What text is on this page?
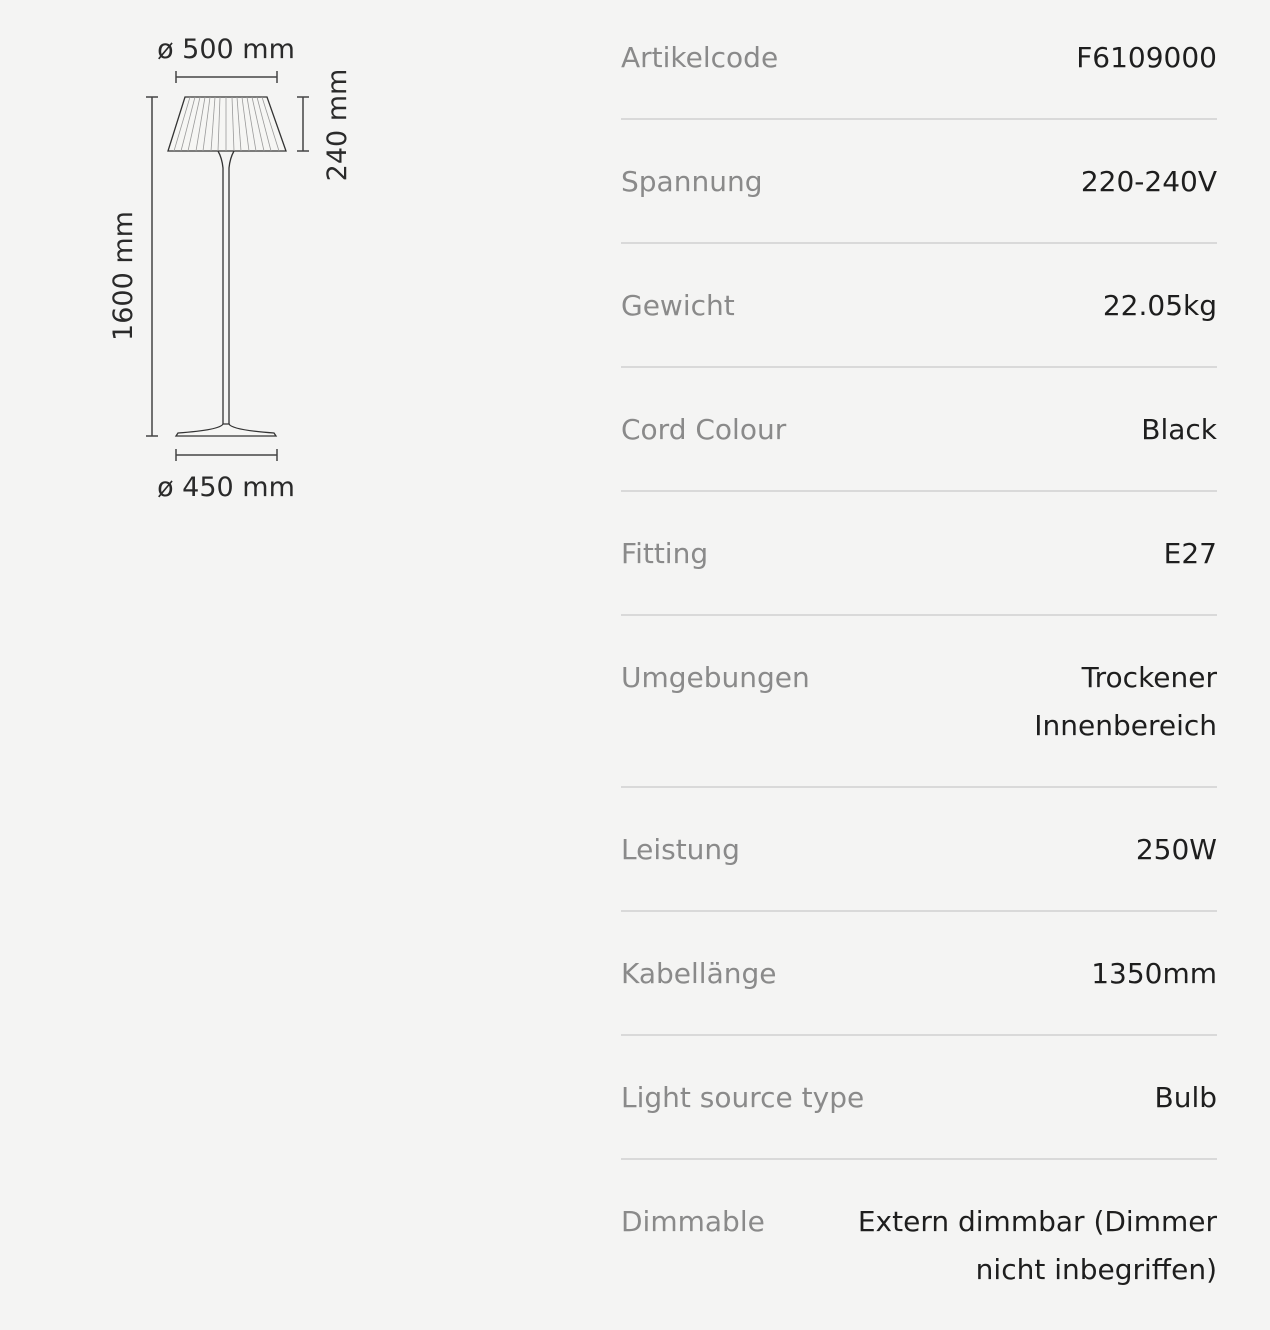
ø 500 mm
240 mm
1600 mm
ø 450 mm
Artikelcode	F6109000
Spannung	220-240V
Gewicht	22.05kg
Cord Colour	Black
Fitting	E27
Umgebungen	Trockener Innenbereich
Leistung	250W
Kabellänge	1350mm
Light source type	Bulb
Dimmable	Extern dimmbar (Dimmer nicht inbegriffen)
